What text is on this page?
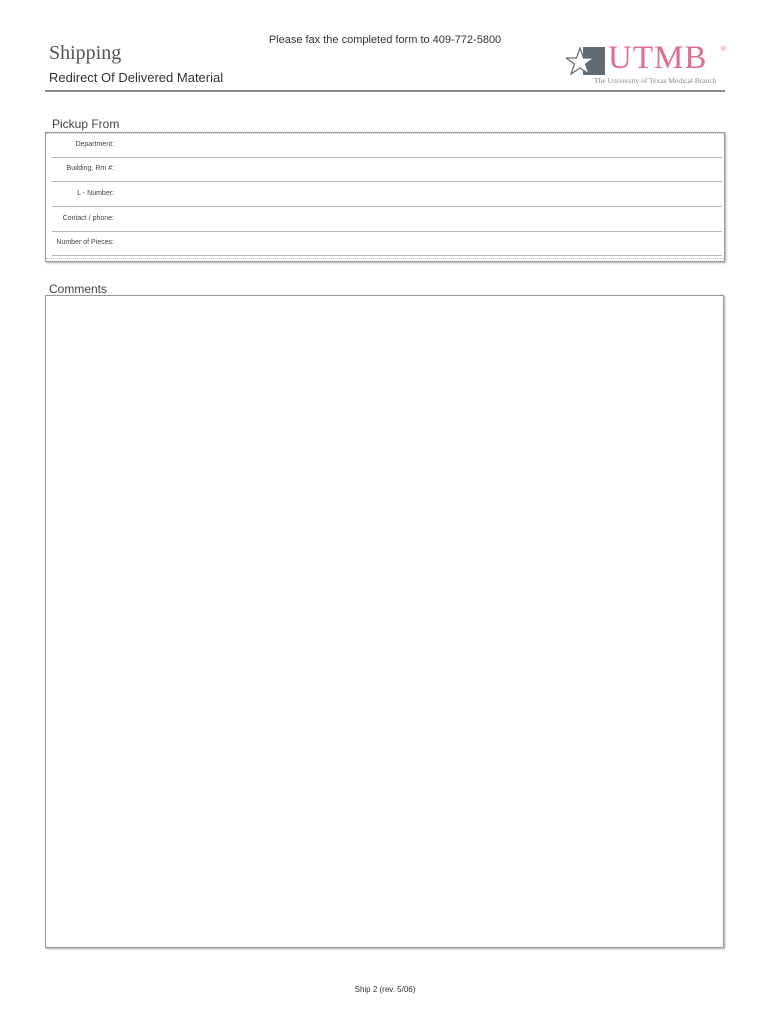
Please fax the completed form to 409-772-5800
Shipping
Redirect Of Delivered Material
UTMB ®
The University of Texas Medical Branch
Pickup From
Department:
Building, Rm #:
L - Number:
Contact / phone:
Number of Pieces:
Comments
Ship 2 (rev. 5/06)
